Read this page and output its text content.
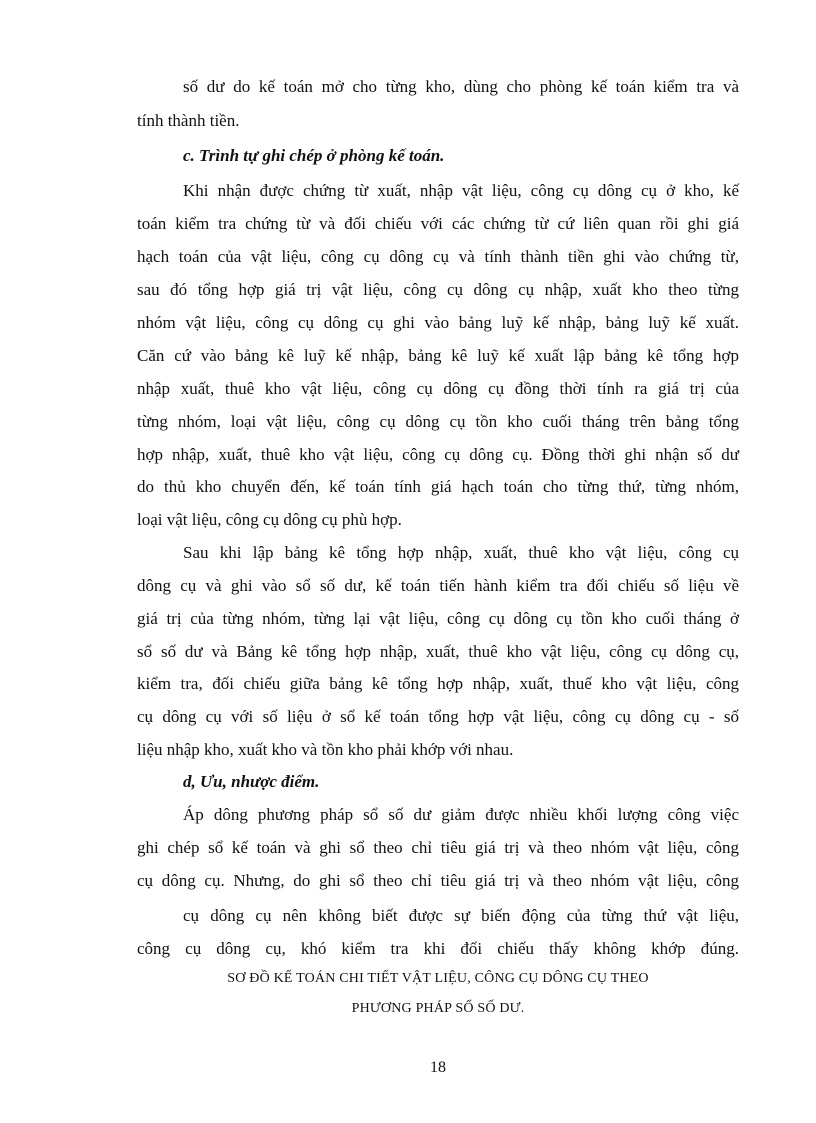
số dư do kế toán mở cho từng kho, dùng cho phòng kế toán kiểm tra và
tính thành tiền.
c. Trình tự ghi chép ở phòng kế toán.
Khi nhận được chứng từ xuất, nhập vật liệu, công cụ dông cụ ở kho, kế
toán kiểm tra chứng từ và đối chiếu với các chứng từ cứ liên quan rồi ghi giá
hạch toán của vật liệu, công cụ dông cụ và tính thành tiền ghi vào chứng từ,
sau đó tổng hợp giá trị vật liệu, công cụ dông cụ nhập, xuất kho theo từng
nhóm vật liệu, công cụ dông cụ ghi vào bảng luỹ kế nhập, bảng luỹ kế xuất.
Căn cứ vào bảng kê luỹ kế nhập, bảng kê luỹ kế xuất lập bảng kê tổng hợp
nhập xuất, thuê kho vật liệu, công cụ dông cụ đồng thời tính ra giá trị của
từng nhóm, loại vật liệu, công cụ dông cụ tồn kho cuối tháng trên bảng tổng
hợp nhập, xuất, thuê kho vật liệu, công cụ dông cụ. Đồng thời ghi nhận số dư
do thủ kho chuyển đến, kế toán tính giá hạch toán cho từng thứ, từng nhóm,
loại vật liệu, công cụ dông cụ phù hợp.
Sau khi lập bảng kê tổng hợp nhập, xuất, thuê kho vật liệu, công cụ
dông cụ và ghi vào sổ số dư, kế toán tiến hành kiểm tra đối chiếu số liệu về
giá trị của từng nhóm, từng lại vật liệu, công cụ dông cụ tồn kho cuối tháng ở
sổ số dư và Bảng kê tổng hợp nhập, xuất, thuê kho vật liệu, công cụ dông cụ,
kiểm tra, đối chiếu giữa bảng kê tổng hợp nhập, xuất, thuế kho vật liệu, công
cụ dông cụ với số liệu ở sổ kế toán tổng hợp vật liệu, công cụ dông cụ - số
liệu nhập kho, xuất kho và tồn kho phải khớp với nhau.
d, Ưu, nhược điểm.
Áp dông phương pháp sổ số dư giảm được nhiều khối lượng công việc
ghi chép sổ kế toán và ghi sổ theo chỉ tiêu giá trị và theo nhóm vật liệu, công
cụ dông cụ. Nhưng, do ghi sổ theo chỉ tiêu giá trị và theo nhóm vật liệu, công
cụ dông cụ nên không biết được sự biến động của từng thứ vật liệu,
công cụ dông cụ, khó kiểm tra khi đối chiếu thấy không khớp đúng.
SƠ ĐỒ KẾ TOÁN CHI TIẾT VẬT LIỆU, CÔNG CỤ DÔNG CỤ THEO
PHƯƠNG PHÁP SỔ SỐ DƯ.
18
